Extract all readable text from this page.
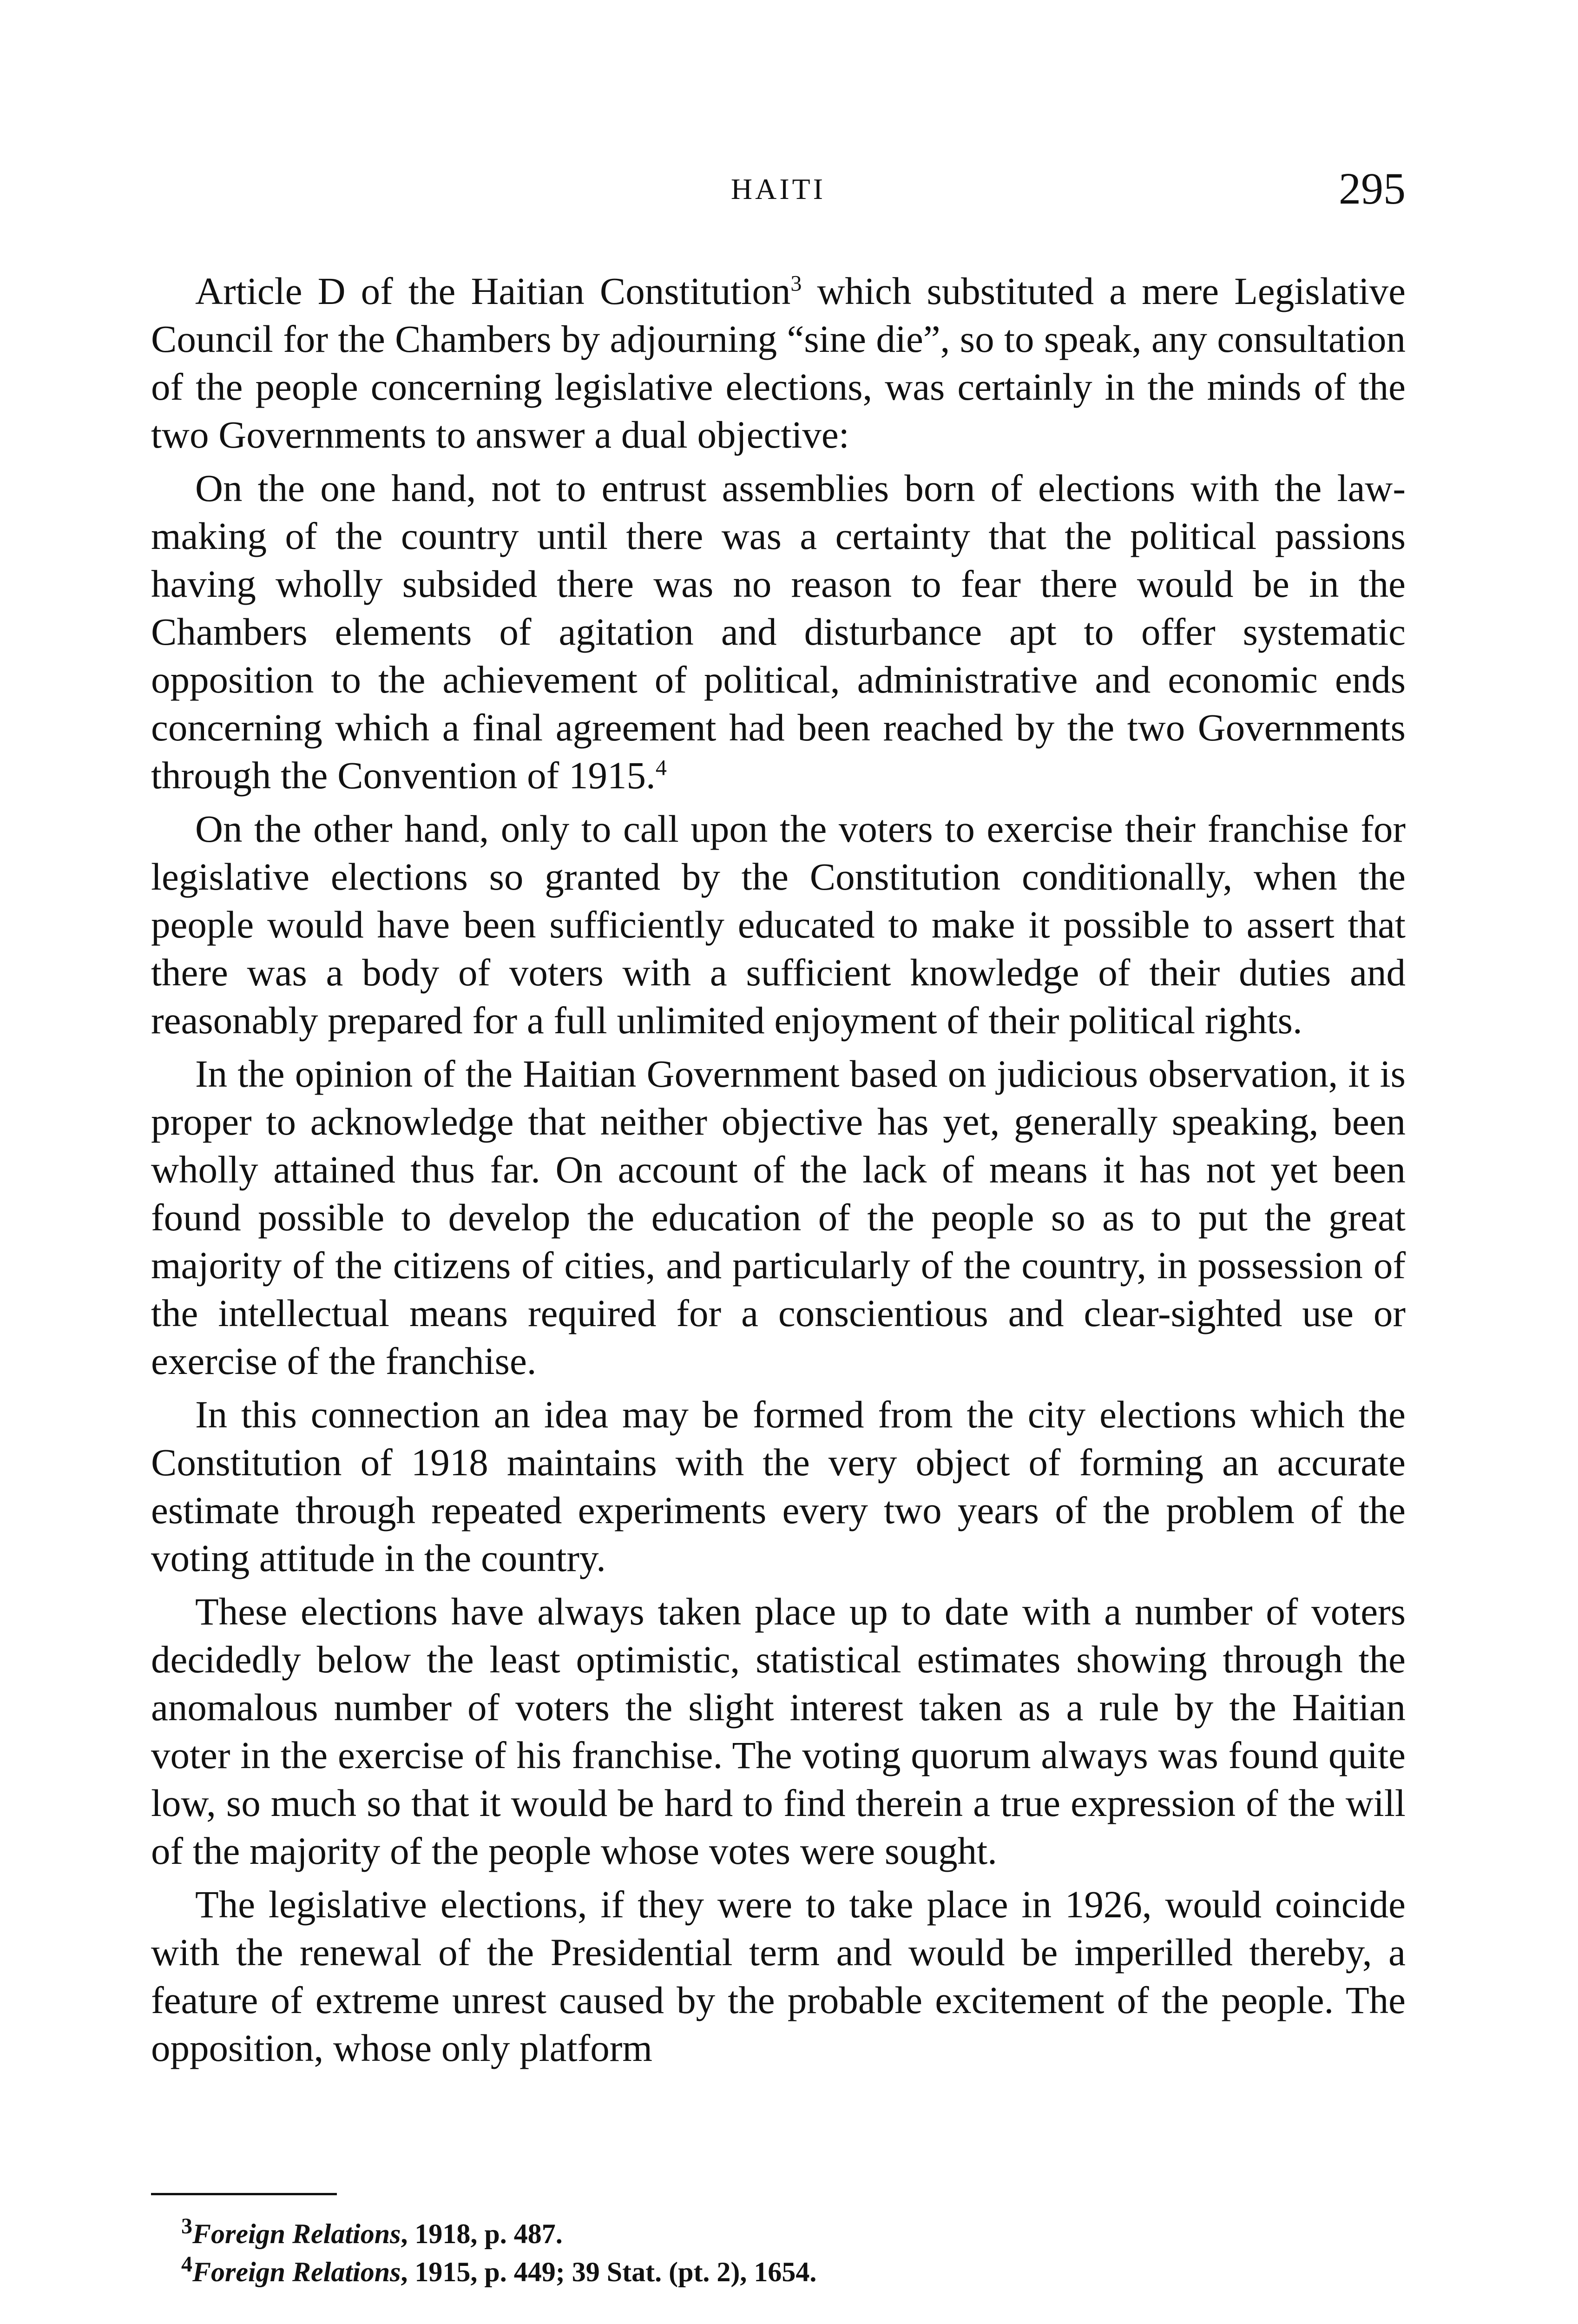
HAITI	295

Article D of the Haitian Constitution$^3$ which substituted a mere Legislative Council for the Chambers by adjourning “sine die”, so to speak, any consultation of the people concerning legislative elections, was certainly in the minds of the two Governments to answer a dual objective:

On the one hand, not to entrust assemblies born of elections with the law-making of the country until there was a certainty that the political passions having wholly subsided there was no reason to fear there would be in the Chambers elements of agitation and disturbance apt to offer systematic opposition to the achievement of political, administrative and economic ends concerning which a final agreement had been reached by the two Governments through the Convention of 1915.$^4$

On the other hand, only to call upon the voters to exercise their franchise for legislative elections so granted by the Constitution conditionally, when the people would have been sufficiently educated to make it possible to assert that there was a body of voters with a sufficient knowledge of their duties and reasonably prepared for a full unlimited enjoyment of their political rights.

In the opinion of the Haitian Government based on judicious observation, it is proper to acknowledge that neither objective has yet, generally speaking, been wholly attained thus far. On account of the lack of means it has not yet been found possible to develop the education of the people so as to put the great majority of the citizens of cities, and particularly of the country, in possession of the intellectual means required for a conscientious and clear-sighted use or exercise of the franchise.

In this connection an idea may be formed from the city elections which the Constitution of 1918 maintains with the very object of forming an accurate estimate through repeated experiments every two years of the problem of the voting attitude in the country.

These elections have always taken place up to date with a number of voters decidedly below the least optimistic, statistical estimates showing through the anomalous number of voters the slight interest taken as a rule by the Haitian voter in the exercise of his franchise. The voting quorum always was found quite low, so much so that it would be hard to find therein a true expression of the will of the majority of the people whose votes were sought.

The legislative elections, if they were to take place in 1926, would coincide with the renewal of the Presidential term and would be imperilled thereby, a feature of extreme unrest caused by the probable excitement of the people. The opposition, whose only platform

$^3$Foreign Relations, 1918, p. 487.

$^4$Foreign Relations, 1915, p. 449; 39 Stat. (pt. 2), 1654.
